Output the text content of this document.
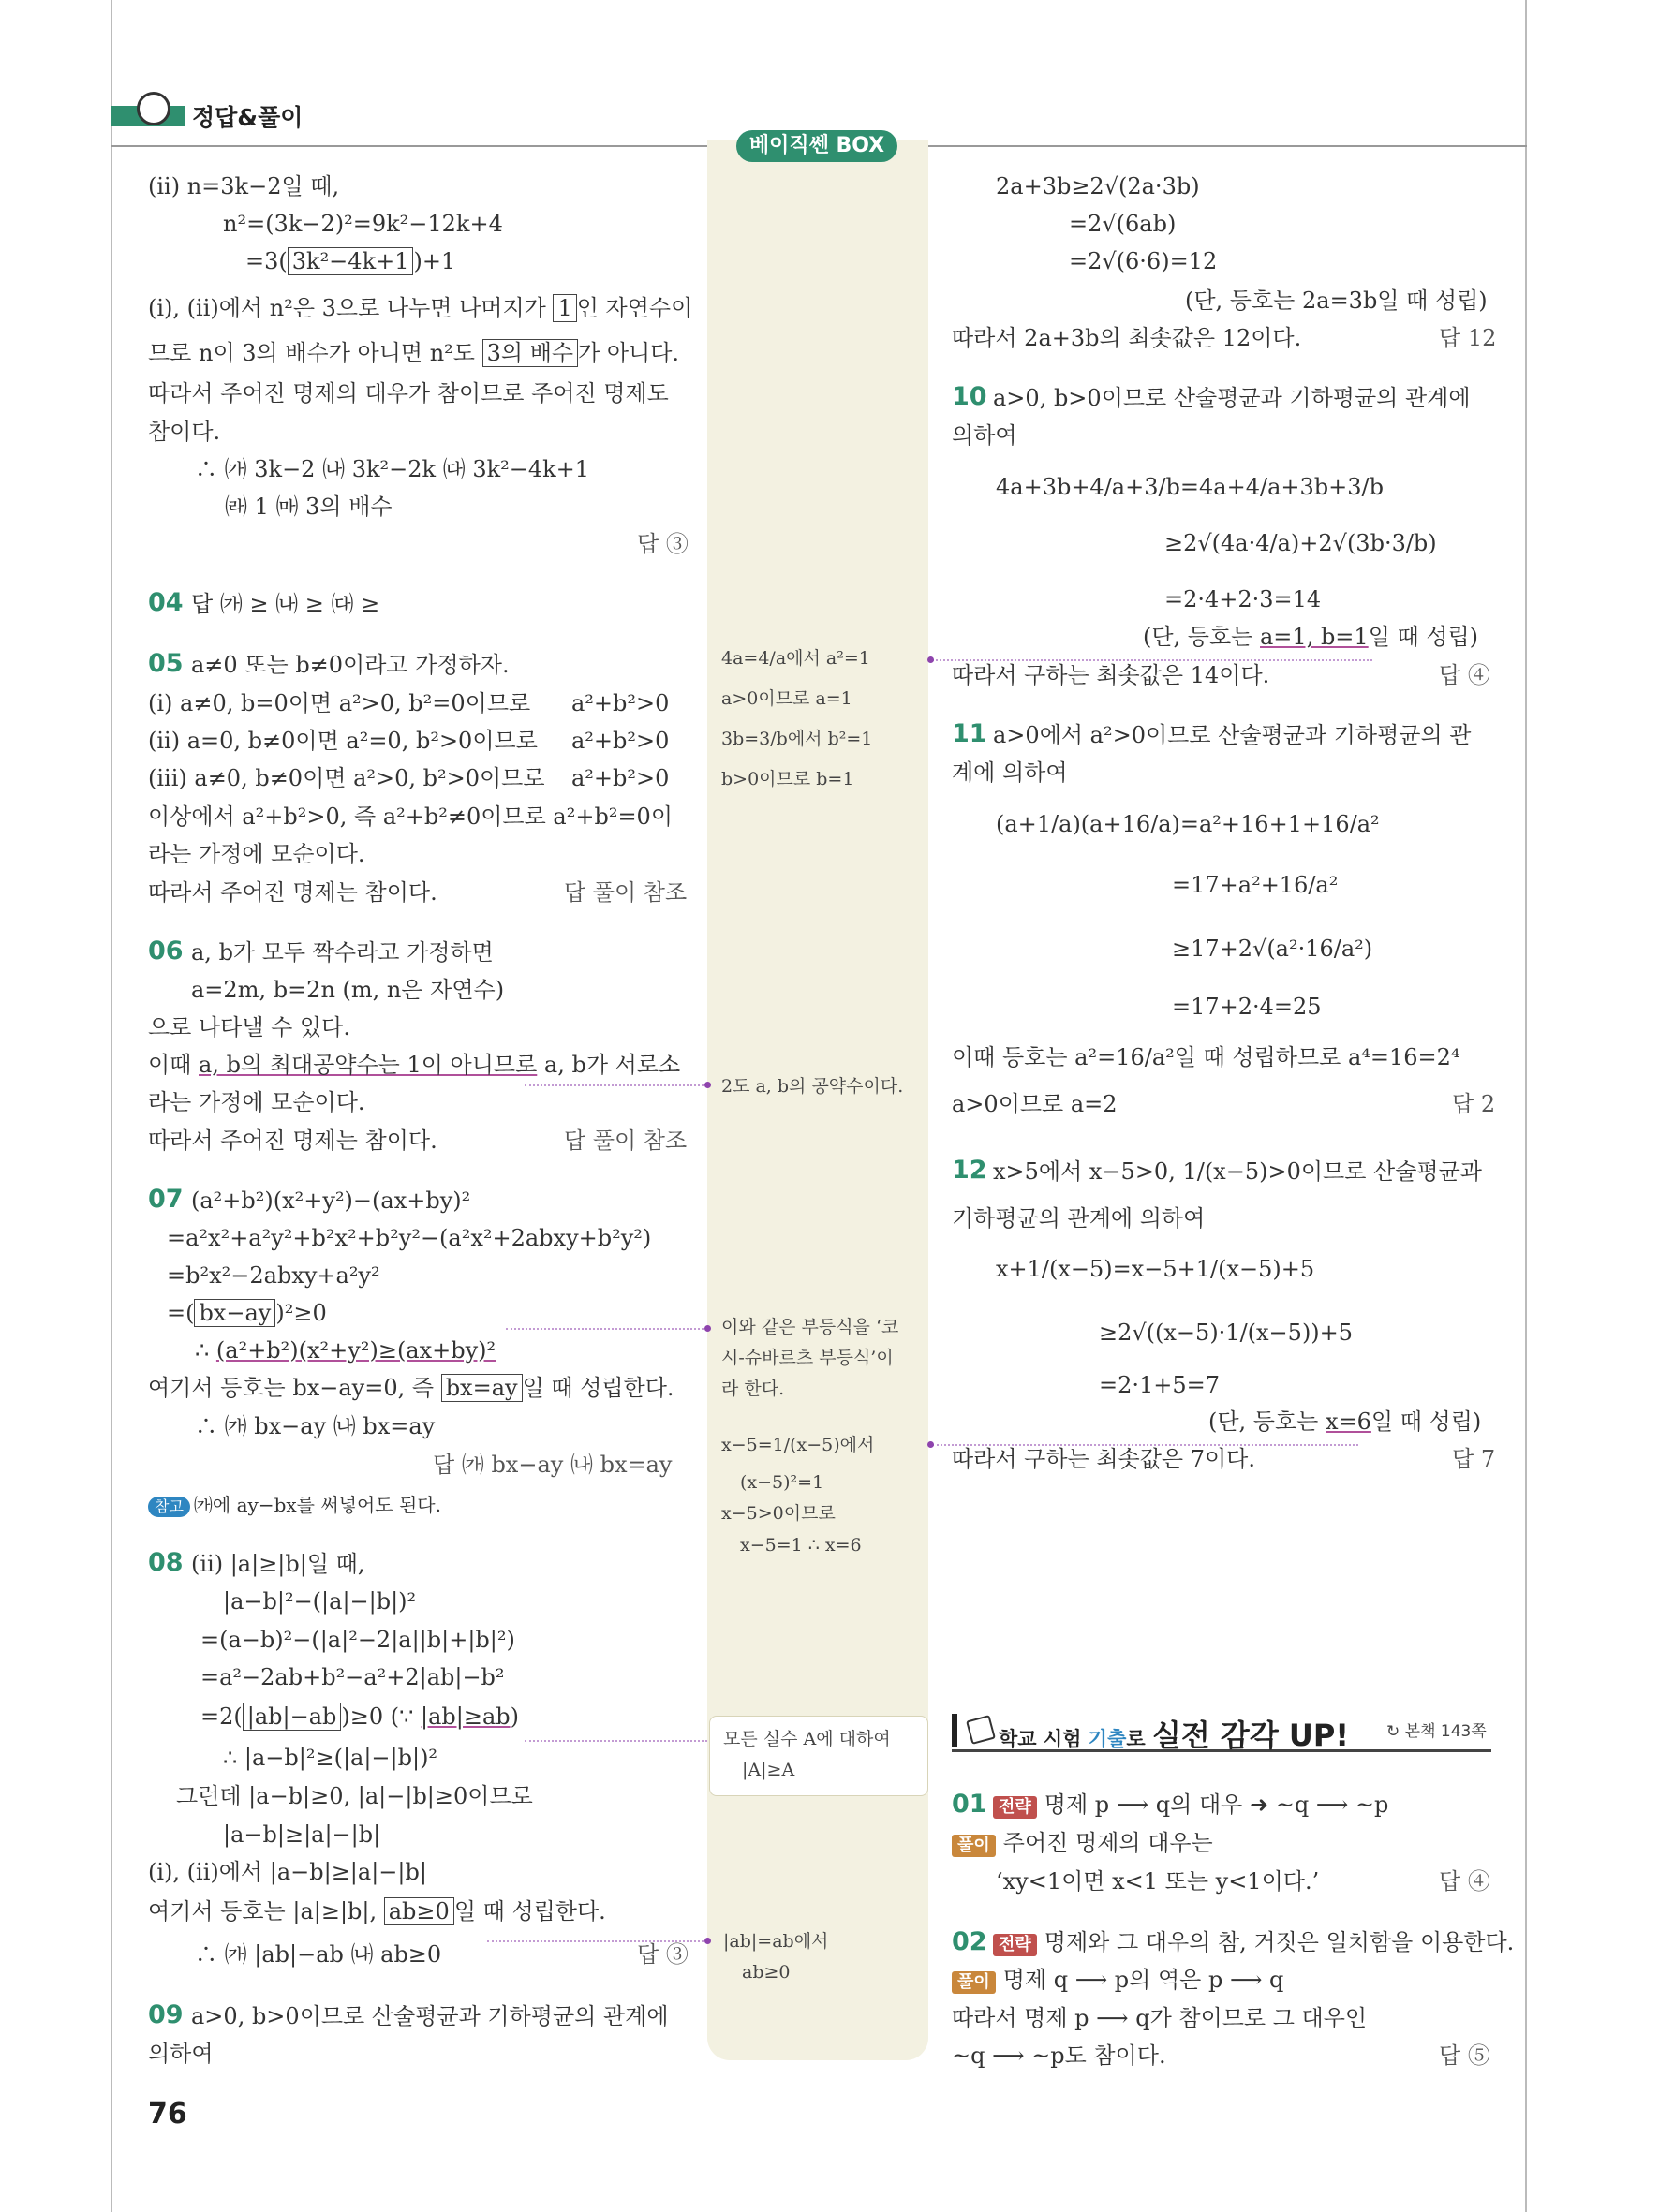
정답&풀이
베이직쎈 BOX
(ii) n=3k−2일 때,
n²=(3k−2)²=9k²−12k+4
=3( 3k²−4k+1 )+1
(i), (ii)에서 n²은 3으로 나누면 나머지가 1 인 자연수이
므로 n이 3의 배수가 아니면 n²도 3의 배수 가 아니다.
따라서 주어진 명제의 대우가 참이므로 주어진 명제도
참이다.
∴ ㈎ 3k−2 ㈏ 3k²−2k ㈐ 3k²−4k+1
㈑ 1 ㈒ 3의 배수
답 ③
04 답 ㈎ ≥ ㈏ ≥ ㈐ ≥
05 a≠0 또는 b≠0이라고 가정하자.
(i) a≠0, b=0이면 a²>0, b²=0이므로 a²+b²>0
(ii) a=0, b≠0이면 a²=0, b²>0이므로 a²+b²>0
(iii) a≠0, b≠0이면 a²>0, b²>0이므로 a²+b²>0
이상에서 a²+b²>0, 즉 a²+b²≠0이므로 a²+b²=0이
라는 가정에 모순이다.
따라서 주어진 명제는 참이다.	답 풀이 참조
06 a, b가 모두 짝수라고 가정하면
a=2m, b=2n (m, n은 자연수)
으로 나타낼 수 있다.
이때 a, b의 최대공약수는 1이 아니므로 a, b가 서로소
라는 가정에 모순이다.
따라서 주어진 명제는 참이다.	답 풀이 참조
07 (a²+b²)(x²+y²)−(ax+by)²
=a²x²+a²y²+b²x²+b²y²−(a²x²+2abxy+b²y²)
=b²x²−2abxy+a²y²
=( bx−ay )²≥0
∴ (a²+b²)(x²+y²)≥(ax+by)²
여기서 등호는 bx−ay=0, 즉 bx=ay 일 때 성립한다.
∴ ㈎ bx−ay ㈏ bx=ay
답 ㈎ bx−ay ㈏ bx=ay
참고 ㈎에 ay−bx를 써넣어도 된다.
08 (ii) |a|≥|b|일 때,
|a−b|²−(|a|−|b|)²
=(a−b)²−(|a|²−2|a||b|+|b|²)
=a²−2ab+b²−a²+2|ab|−b²
=2( |ab|−ab )≥0 (∵ |ab|≥ab)
∴ |a−b|²≥(|a|−|b|)²
그런데 |a−b|≥0, |a|−|b|≥0이므로
|a−b|≥|a|−|b|
(i), (ii)에서 |a−b|≥|a|−|b|
여기서 등호는 |a|≥|b|, ab≥0 일 때 성립한다.
∴ ㈎ |ab|−ab ㈏ ab≥0	답 ③
09 a>0, b>0이므로 산술평균과 기하평균의 관계에
의하여
76
4a=4/a에서 a²=1
a>0이므로 a=1
3b=3/b에서 b²=1
b>0이므로 b=1
2도 a, b의 공약수이다.
이와 같은 부등식을 ‘코
시-슈바르츠 부등식’이
라 한다.
x−5=1/(x−5)에서
(x−5)²=1
x−5>0이므로
x−5=1 ∴ x=6
모든 실수 A에 대하여
|A|≥A
|ab|=ab에서
ab≥0
2a+3b≥2√(2a·3b)
=2√(6ab)
=2√(6·6)=12
(단, 등호는 2a=3b일 때 성립)
따라서 2a+3b의 최솟값은 12이다.	답 12
10 a>0, b>0이므로 산술평균과 기하평균의 관계에
의하여
4a+3b+4/a+3/b=4a+4/a+3b+3/b
≥2√(4a·4/a)+2√(3b·3/b)
=2·4+2·3=14
(단, 등호는 a=1, b=1일 때 성립)
따라서 구하는 최솟값은 14이다.	답 ④
11 a>0에서 a²>0이므로 산술평균과 기하평균의 관
계에 의하여
(a+1/a)(a+16/a)=a²+16+1+16/a²
=17+a²+16/a²
≥17+2√(a²·16/a²)
=17+2·4=25
이때 등호는 a²=16/a²일 때 성립하므로 a⁴=16=2⁴
a>0이므로 a=2	답 2
12 x>5에서 x−5>0, 1/(x−5)>0이므로 산술평균과
기하평균의 관계에 의하여
x+1/(x−5)=x−5+1/(x−5)+5
≥2√((x−5)·1/(x−5))+5
=2·1+5=7
(단, 등호는 x=6일 때 성립)
따라서 구하는 최솟값은 7이다.	답 7
학교 시험 기출로 실전 감각 UP! ↻ 본책 143쪽
01 전략 명제 p ⟶ q의 대우 ➜ ~q ⟶ ~p
풀이 주어진 명제의 대우는
‘xy<1이면 x<1 또는 y<1이다.’	답 ④
02 전략 명제와 그 대우의 참, 거짓은 일치함을 이용한다.
풀이 명제 q ⟶ p의 역은 p ⟶ q
따라서 명제 p ⟶ q가 참이므로 그 대우인
~q ⟶ ~p도 참이다.	답 ⑤
